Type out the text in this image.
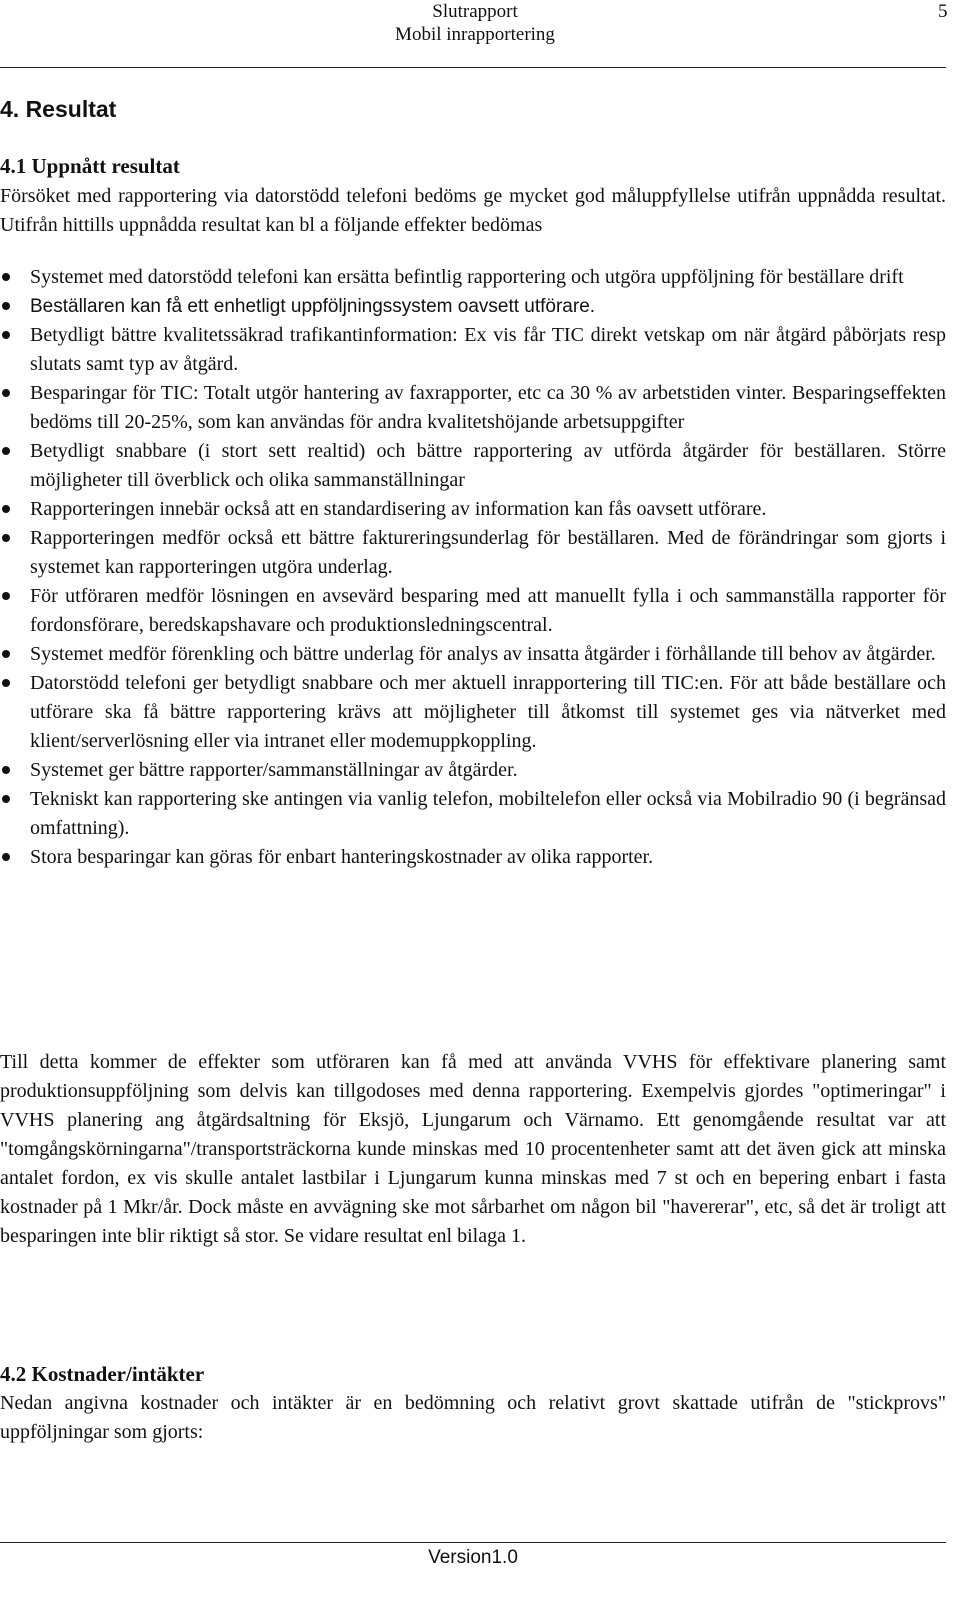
Slutrapport
Mobil inrapportering
5
4. Resultat
4.1 Uppnått resultat
Försöket med rapportering via datorstödd telefoni bedöms ge mycket god måluppfyllelse utifrån uppnådda resultat. Utifrån hittills uppnådda resultat kan bl a följande effekter bedömas
Systemet med datorstödd telefoni kan ersätta befintlig rapportering och utgöra uppföljning för beställare drift
Beställaren kan få ett enhetligt uppföljningssystem oavsett utförare.
Betydligt bättre kvalitetssäkrad trafikantinformation: Ex vis får TIC direkt vetskap om när åtgärd påbörjats resp slutats samt typ av åtgärd.
Besparingar för TIC: Totalt utgör hantering av faxrapporter, etc ca 30 % av arbetstiden vinter. Besparingseffekten bedöms till 20-25%, som kan användas för andra kvalitetshöjande arbetsuppgifter
Betydligt snabbare (i stort sett realtid) och bättre rapportering av utförda åtgärder för beställaren. Större möjligheter till överblick och olika sammanställningar
Rapporteringen innebär också att en standardisering av information kan fås oavsett utförare.
Rapporteringen medför också ett bättre faktureringsunderlag för beställaren. Med de förändringar som gjorts i systemet kan rapporteringen utgöra underlag.
För utföraren medför lösningen en avsevärd besparing med att manuellt fylla i och sammanställa rapporter för fordonsförare, beredskapshavare och produktionsledningscentral.
Systemet medför förenkling och bättre underlag för analys av insatta åtgärder i förhållande till behov av åtgärder.
Datorstödd telefoni ger betydligt snabbare och mer aktuell inrapportering till TIC:en. För att både beställare och utförare ska få bättre rapportering krävs att möjligheter till åtkomst till systemet ges via nätverket med klient/serverlösning eller via intranet eller modemuppkoppling.
Systemet ger bättre rapporter/sammanställningar av åtgärder.
Tekniskt kan rapportering ske antingen via vanlig telefon, mobiltelefon eller också via Mobilradio 90 (i begränsad omfattning).
Stora besparingar kan göras för enbart hanteringskostnader av olika rapporter.
Till detta kommer de effekter som utföraren kan få med att använda VVHS för effektivare planering samt produktionsuppföljning som delvis kan tillgodoses med denna rapportering. Exempelvis gjordes "optimeringar" i VVHS planering ang åtgärdsaltning för Eksjö, Ljungarum och Värnamo. Ett genomgående resultat var att "tomgångskörningarna"/transportsträckorna kunde minskas med 10 procentenheter samt att det även gick att minska antalet fordon, ex vis skulle antalet lastbilar i Ljungarum kunna minskas med 7 st och en bepering enbart i fasta kostnader på 1 Mkr/år. Dock måste en avvägning ske mot sårbarhet om någon bil "havererar", etc, så det är troligt att besparingen inte blir riktigt så stor. Se vidare resultat enl bilaga 1.
4.2 Kostnader/intäkter
Nedan angivna kostnader och intäkter är en bedömning och relativt grovt skattade utifrån de "stickprovs" uppföljningar som gjorts:
Version1.0
